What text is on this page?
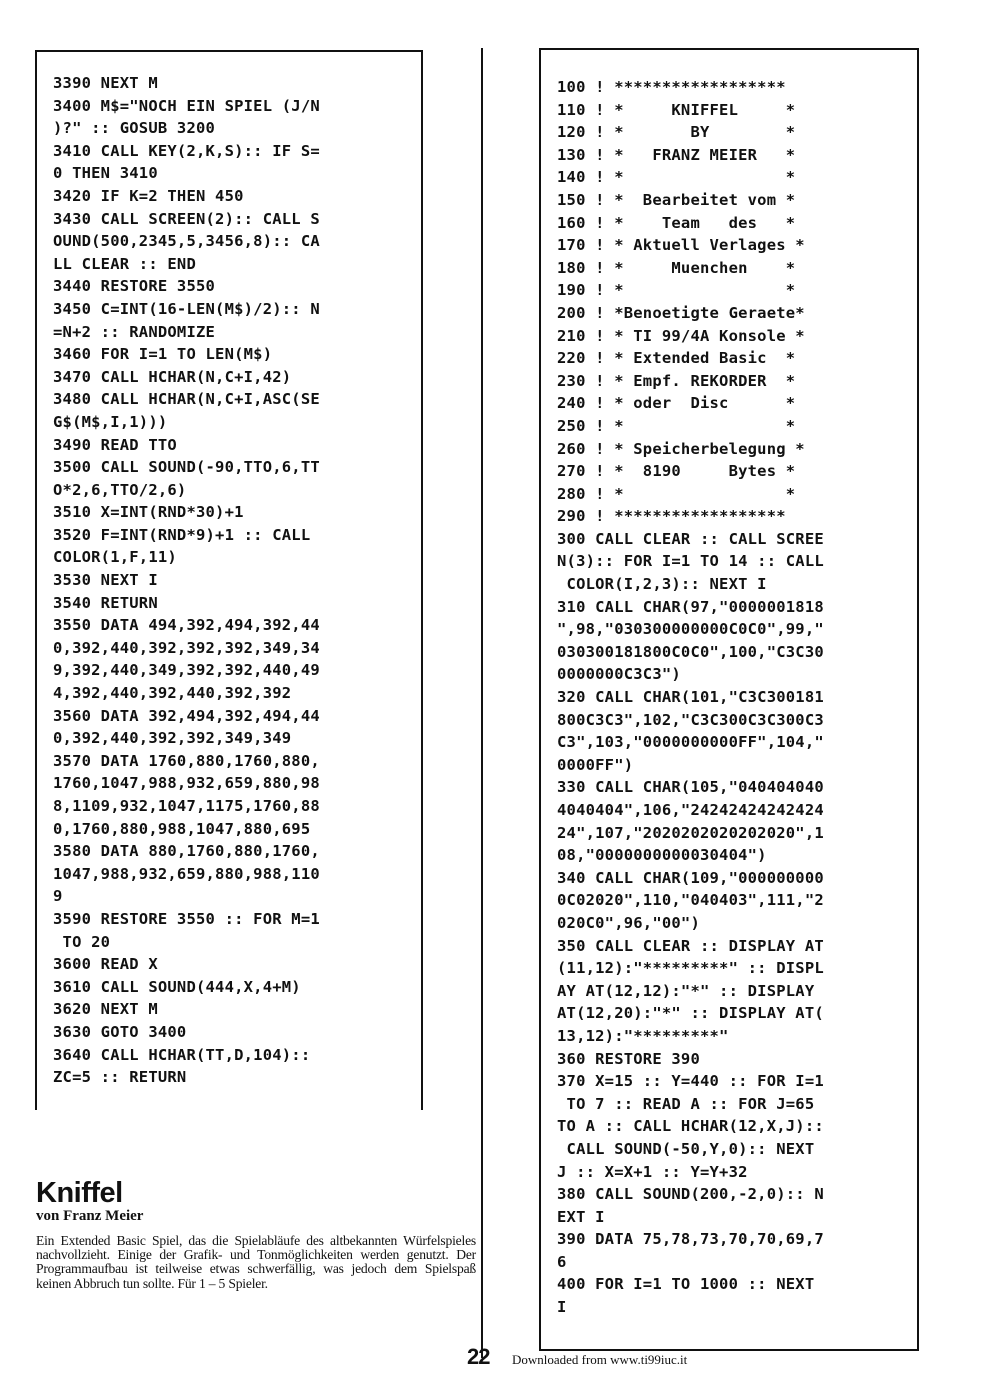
3390 NEXT M
3400 M$="NOCH EIN SPIEL (J/N
)?" :: GOSUB 3200
3410 CALL KEY(2,K,S):: IF S=
0 THEN 3410
3420 IF K=2 THEN 450
3430 CALL SCREEN(2):: CALL S
OUND(500,2345,5,3456,8):: CA
LL CLEAR :: END
3440 RESTORE 3550
3450 C=INT(16-LEN(M$)/2):: N
=N+2 :: RANDOMIZE
3460 FOR I=1 TO LEN(M$)
3470 CALL HCHAR(N,C+I,42)
3480 CALL HCHAR(N,C+I,ASC(SE
G$(M$,I,1)))
3490 READ TTO
3500 CALL SOUND(-90,TTO,6,TT
O*2,6,TTO/2,6)
3510 X=INT(RND*30)+1
3520 F=INT(RND*9)+1 :: CALL
COLOR(1,F,11)
3530 NEXT I
3540 RETURN
3550 DATA 494,392,494,392,44
0,392,440,392,392,392,349,34
9,392,440,349,392,392,440,49
4,392,440,392,440,392,392
3560 DATA 392,494,392,494,44
0,392,440,392,392,349,349
3570 DATA 1760,880,1760,880,
1760,1047,988,932,659,880,98
8,1109,932,1047,1175,1760,88
0,1760,880,988,1047,880,695
3580 DATA 880,1760,880,1760,
1047,988,932,659,880,988,110
9
3590 RESTORE 3550 :: FOR M=1
TO 20
3600 READ X
3610 CALL SOUND(444,X,4+M)
3620 NEXT M
3630 GOTO 3400
3640 CALL HCHAR(TT,D,104)::
ZC=5 :: RETURN
100 ! ******************
110 ! *     KNIFFEL     *
120 ! *       BY        *
130 ! *   FRANZ MEIER   *
140 ! *                 *
150 ! *  Bearbeitet vom *
160 ! *    Team   des   *
170 ! * Aktuell Verlages *
180 ! *     Muenchen    *
190 ! *                 *
200 ! *Benoetigte Geraete*
210 ! * TI 99/4A Konsole *
220 ! * Extended Basic  *
230 ! * Empf. REKORDER  *
240 ! * oder  Disc      *
250 ! *                 *
260 ! * Speicherbelegung *
270 ! *  8190     Bytes *
280 ! *                 *
290 ! ******************
300 CALL CLEAR :: CALL SCREE
N(3):: FOR I=1 TO 14 :: CALL
COLOR(I,2,3):: NEXT I
310 CALL CHAR(97,"0000001818
",98,"030300000000C0C0",99,"
030300181800C0C0",100,"C3C30
0000000C3C3")
320 CALL CHAR(101,"C3C300181
800C3C3",102,"C3C300C3C300C3
C3",103,"0000000000FF",104,"
0000FF")
330 CALL CHAR(105,"040404040
4040404",106,"24242424242424
24",107,"2020202020202020",1
08,"0000000000030404")
340 CALL CHAR(109,"000000000
0C02020",110,"040403",111,"2
020C0",96,"00")
350 CALL CLEAR :: DISPLAY AT
(11,12):"*********" :: DISPL
AY AT(12,12):"*" :: DISPLAY
AT(12,20):"*" :: DISPLAY AT(
13,12):"*********"
360 RESTORE 390
370 X=15 :: Y=440 :: FOR I=1
TO 7 :: READ A :: FOR J=65
TO A :: CALL HCHAR(12,X,J)::
CALL SOUND(-50,Y,0):: NEXT
J :: X=X+1 :: Y=Y+32
380 CALL SOUND(200,-2,0):: N
EXT I
390 DATA 75,78,73,70,70,69,7
6
400 FOR I=1 TO 1000 :: NEXT
I
Kniffel

von Franz Meier

Ein Extended Basic Spiel, das die Spielabläufe des altbekannten Würfelspieles nachvollzieht. Einige der Grafik- und Tonmöglichkeiten werden genutzt. Der Programmaufbau ist teilweise etwas schwerfällig, was jedoch dem Spielspaß keinen Abbruch tun sollte. Für 1 – 5 Spieler.

22 Downloaded from www.ti99iuc.it
